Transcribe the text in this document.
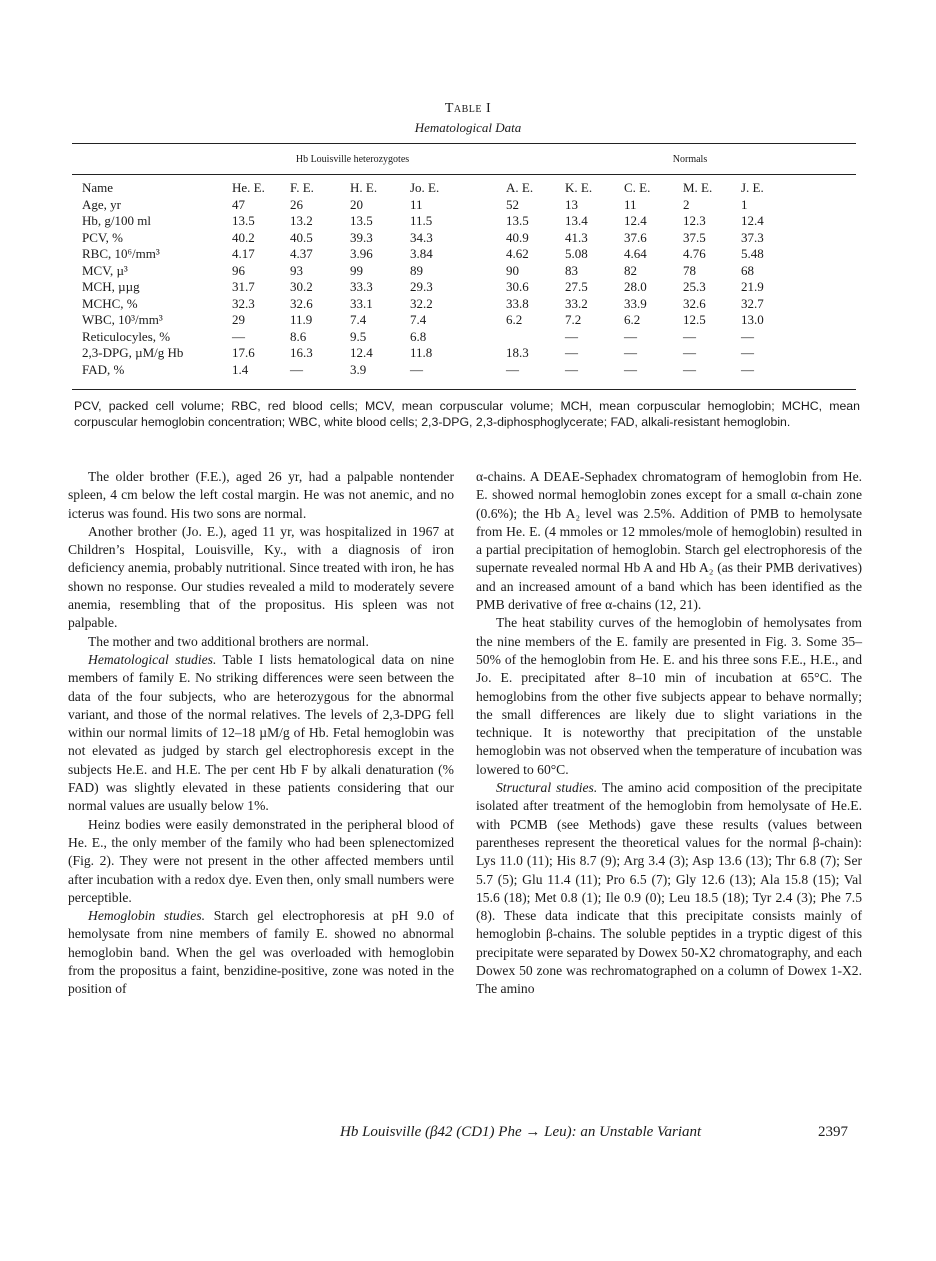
Table I
Hematological Data
Hb Louisville heterozygotes	Normals
Name	He. E.	F. E.	H. E.	Jo. E.	A. E.	K. E.	C. E.	M. E.	J. E.
Age, yr	47	26	20	11	52	13	11	2	1
Hb, g/100 ml	13.5	13.2	13.5	11.5	13.5	13.4	12.4	12.3	12.4
PCV, %	40.2	40.5	39.3	34.3	40.9	41.3	37.6	37.5	37.3
RBC, 10⁶/mm³	4.17	4.37	3.96	3.84	4.62	5.08	4.64	4.76	5.48
MCV, µ³	96	93	99	89	90	83	82	78	68
MCH, µµg	31.7	30.2	33.3	29.3	30.6	27.5	28.0	25.3	21.9
MCHC, %	32.3	32.6	33.1	32.2	33.8	33.2	33.9	32.6	32.7
WBC, 10³/mm³	29	11.9	7.4	7.4	6.2	7.2	6.2	12.5	13.0
Reticulocyles, %	—	8.6	9.5	6.8		—	—	—	—
2,3-DPG, µM/g Hb	17.6	16.3	12.4	11.8	18.3	—	—	—	—
FAD, %	1.4	—	3.9	—	—	—	—	—	—
PCV, packed cell volume; RBC, red blood cells; MCV, mean corpuscular volume; MCH, mean corpuscular hemoglobin; MCHC, mean corpuscular hemoglobin concentration; WBC, white blood cells; 2,3-DPG, 2,3-diphosphoglycerate; FAD, alkali-resistant hemoglobin.

The older brother (F.E.), aged 26 yr, had a palpable nontender spleen, 4 cm below the left costal margin. He was not anemic, and no icterus was found. His two sons are normal.

Another brother (Jo. E.), aged 11 yr, was hospitalized in 1967 at Children’s Hospital, Louisville, Ky., with a diagnosis of iron deficiency anemia, probably nutritional. Since treated with iron, he has shown no response. Our studies revealed a mild to moderately severe anemia, resembling that of the propositus. His spleen was not palpable.

The mother and two additional brothers are normal.

Hematological studies. Table I lists hematological data on nine members of family E. No striking differences were seen between the data of the four subjects, who are heterozygous for the abnormal variant, and those of the normal relatives. The levels of 2,3-DPG fell within our normal limits of 12–18 µM/g of Hb. Fetal hemoglobin was not elevated as judged by starch gel electrophoresis except in the subjects He.E. and H.E. The per cent Hb F by alkali denaturation (% FAD) was slightly elevated in these patients considering that our normal values are usually below 1%.

Heinz bodies were easily demonstrated in the peripheral blood of He. E., the only member of the family who had been splenectomized (Fig. 2). They were not present in the other affected members until after incubation with a redox dye. Even then, only small numbers were perceptible.

Hemoglobin studies. Starch gel electrophoresis at pH 9.0 of hemolysate from nine members of family E. showed no abnormal hemoglobin band. When the gel was overloaded with hemoglobin from the propositus a faint, benzidine-positive, zone was noted in the position of

α-chains. A DEAE-Sephadex chromatogram of hemoglobin from He. E. showed normal hemoglobin zones except for a small α-chain zone (0.6%); the Hb A₂ level was 2.5%. Addition of PMB to hemolysate from He. E. (4 mmoles or 12 mmoles/mole of hemoglobin) resulted in a partial precipitation of hemoglobin. Starch gel electrophoresis of the supernate revealed normal Hb A and Hb A₂ (as their PMB derivatives) and an increased amount of a band which has been identified as the PMB derivative of free α-chains (12, 21).

The heat stability curves of the hemoglobin of hemolysates from the nine members of the E. family are presented in Fig. 3. Some 35–50% of the hemoglobin from He. E. and his three sons F.E., H.E., and Jo. E. precipitated after 8–10 min of incubation at 65°C. The hemoglobins from the other five subjects appear to behave normally; the small differences are likely due to slight variations in the technique. It is noteworthy that precipitation of the unstable hemoglobin was not observed when the temperature of incubation was lowered to 60°C.

Structural studies. The amino acid composition of the precipitate isolated after treatment of the hemoglobin from hemolysate of He.E. with PCMB (see Methods) gave these results (values between parentheses represent the theoretical values for the normal β-chain): Lys 11.0 (11); His 8.7 (9); Arg 3.4 (3); Asp 13.6 (13); Thr 6.8 (7); Ser 5.7 (5); Glu 11.4 (11); Pro 6.5 (7); Gly 12.6 (13); Ala 15.8 (15); Val 15.6 (18); Met 0.8 (1); Ile 0.9 (0); Leu 18.5 (18); Tyr 2.4 (3); Phe 7.5 (8). These data indicate that this precipitate consists mainly of hemoglobin β-chains. The soluble peptides in a tryptic digest of this precipitate were separated by Dowex 50-X2 chromatography, and each Dowex 50 zone was rechromatographed on a column of Dowex 1-X2. The amino

Hb Louisville (β42 (CD1) Phe → Leu): an Unstable Variant	2397
